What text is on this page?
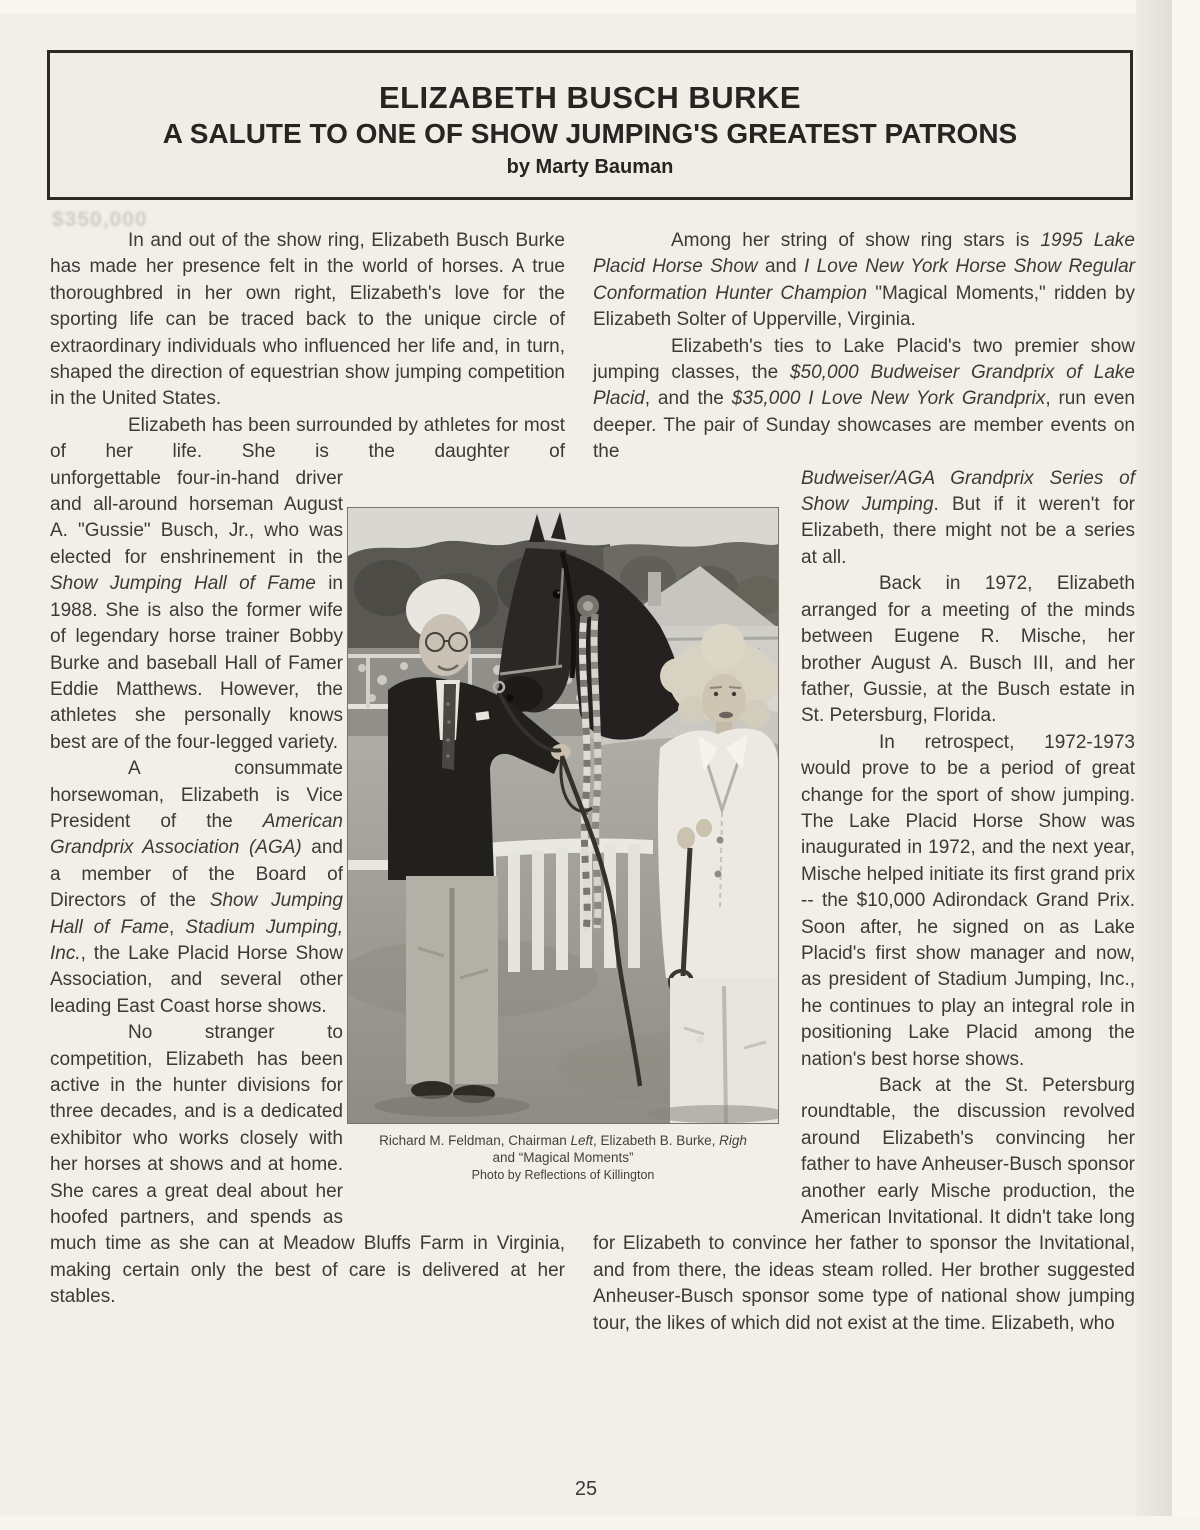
$350,000
ELIZABETH BUSCH BURKE
A SALUTE TO ONE OF SHOW JUMPING'S GREATEST PATRONS
by Marty Bauman

In and out of the show ring, Elizabeth Busch Burke has made her presence felt in the world of horses. A true thoroughbred in her own right, Elizabeth's love for the sporting life can be traced back to the unique circle of extraordinary individuals who influenced her life and, in turn, shaped the direction of equestrian show jumping competition in the United States.

Elizabeth has been surrounded by athletes for most of her life. She is the daughter of

unforgettable four-in-hand driver and all-around horseman August A. "Gussie" Busch, Jr., who was elected for enshrinement in the Show Jumping Hall of Fame in 1988. She is also the former wife of legendary horse trainer Bobby Burke and baseball Hall of Famer Eddie Matthews. However, the athletes she personally knows best are of the four-legged variety.

A consummate horsewoman, Elizabeth is Vice President of the American Grandprix Association (AGA) and a member of the Board of Directors of the Show Jumping Hall of Fame, Stadium Jumping, Inc., the Lake Placid Horse Show Association, and several other leading East Coast horse shows.

No stranger to competition, Elizabeth has been active in the hunter divisions for three decades, and is a dedicated exhibitor who works closely with her horses at shows and at home. She cares a great deal about her hoofed partners, and spends as much time as she can at Meadow Bluffs Farm in Virginia, making certain only the best of care is delivered at her stables.

Among her string of show ring stars is 1995 Lake Placid Horse Show and I Love New York Horse Show Regular Conformation Hunter Champion "Magical Moments," ridden by Elizabeth Solter of Upperville, Virginia.

Elizabeth's ties to Lake Placid's two premier show jumping classes, the $50,000 Budweiser Grandprix of Lake Placid, and the $35,000 I Love New York Grandprix, run even deeper. The pair of Sunday showcases are member events on the

Budweiser/AGA Grandprix Series of Show Jumping. But if it weren't for Elizabeth, there might not be a series at all.

Back in 1972, Elizabeth arranged for a meeting of the minds between Eugene R. Mische, her brother August A. Busch III, and her father, Gussie, at the Busch estate in St. Petersburg, Florida.

In retrospect, 1972-1973 would prove to be a period of great change for the sport of show jumping. The Lake Placid Horse Show was inaugurated in 1972, and the next year, Mische helped initiate its first grand prix -- the $10,000 Adirondack Grand Prix. Soon after, he signed on as Lake Placid's first show manager and now, as president of Stadium Jumping, Inc., he continues to play an integral role in positioning Lake Placid among the nation's best horse shows.

Back at the St. Petersburg roundtable, the discussion revolved around Elizabeth's convincing her father to have Anheuser-Busch sponsor another early Mische production, the American Invitational. It didn't take long for Elizabeth to convince her father to sponsor the Invitational, and from there, the ideas steam rolled. Her brother suggested Anheuser-Busch sponsor some type of national show jumping tour, the likes of which did not exist at the time. Elizabeth, who

Richard M. Feldman, Chairman Left, Elizabeth B. Burke, Righ
and “Magical Moments”
Photo by Reflections of Killington
25
